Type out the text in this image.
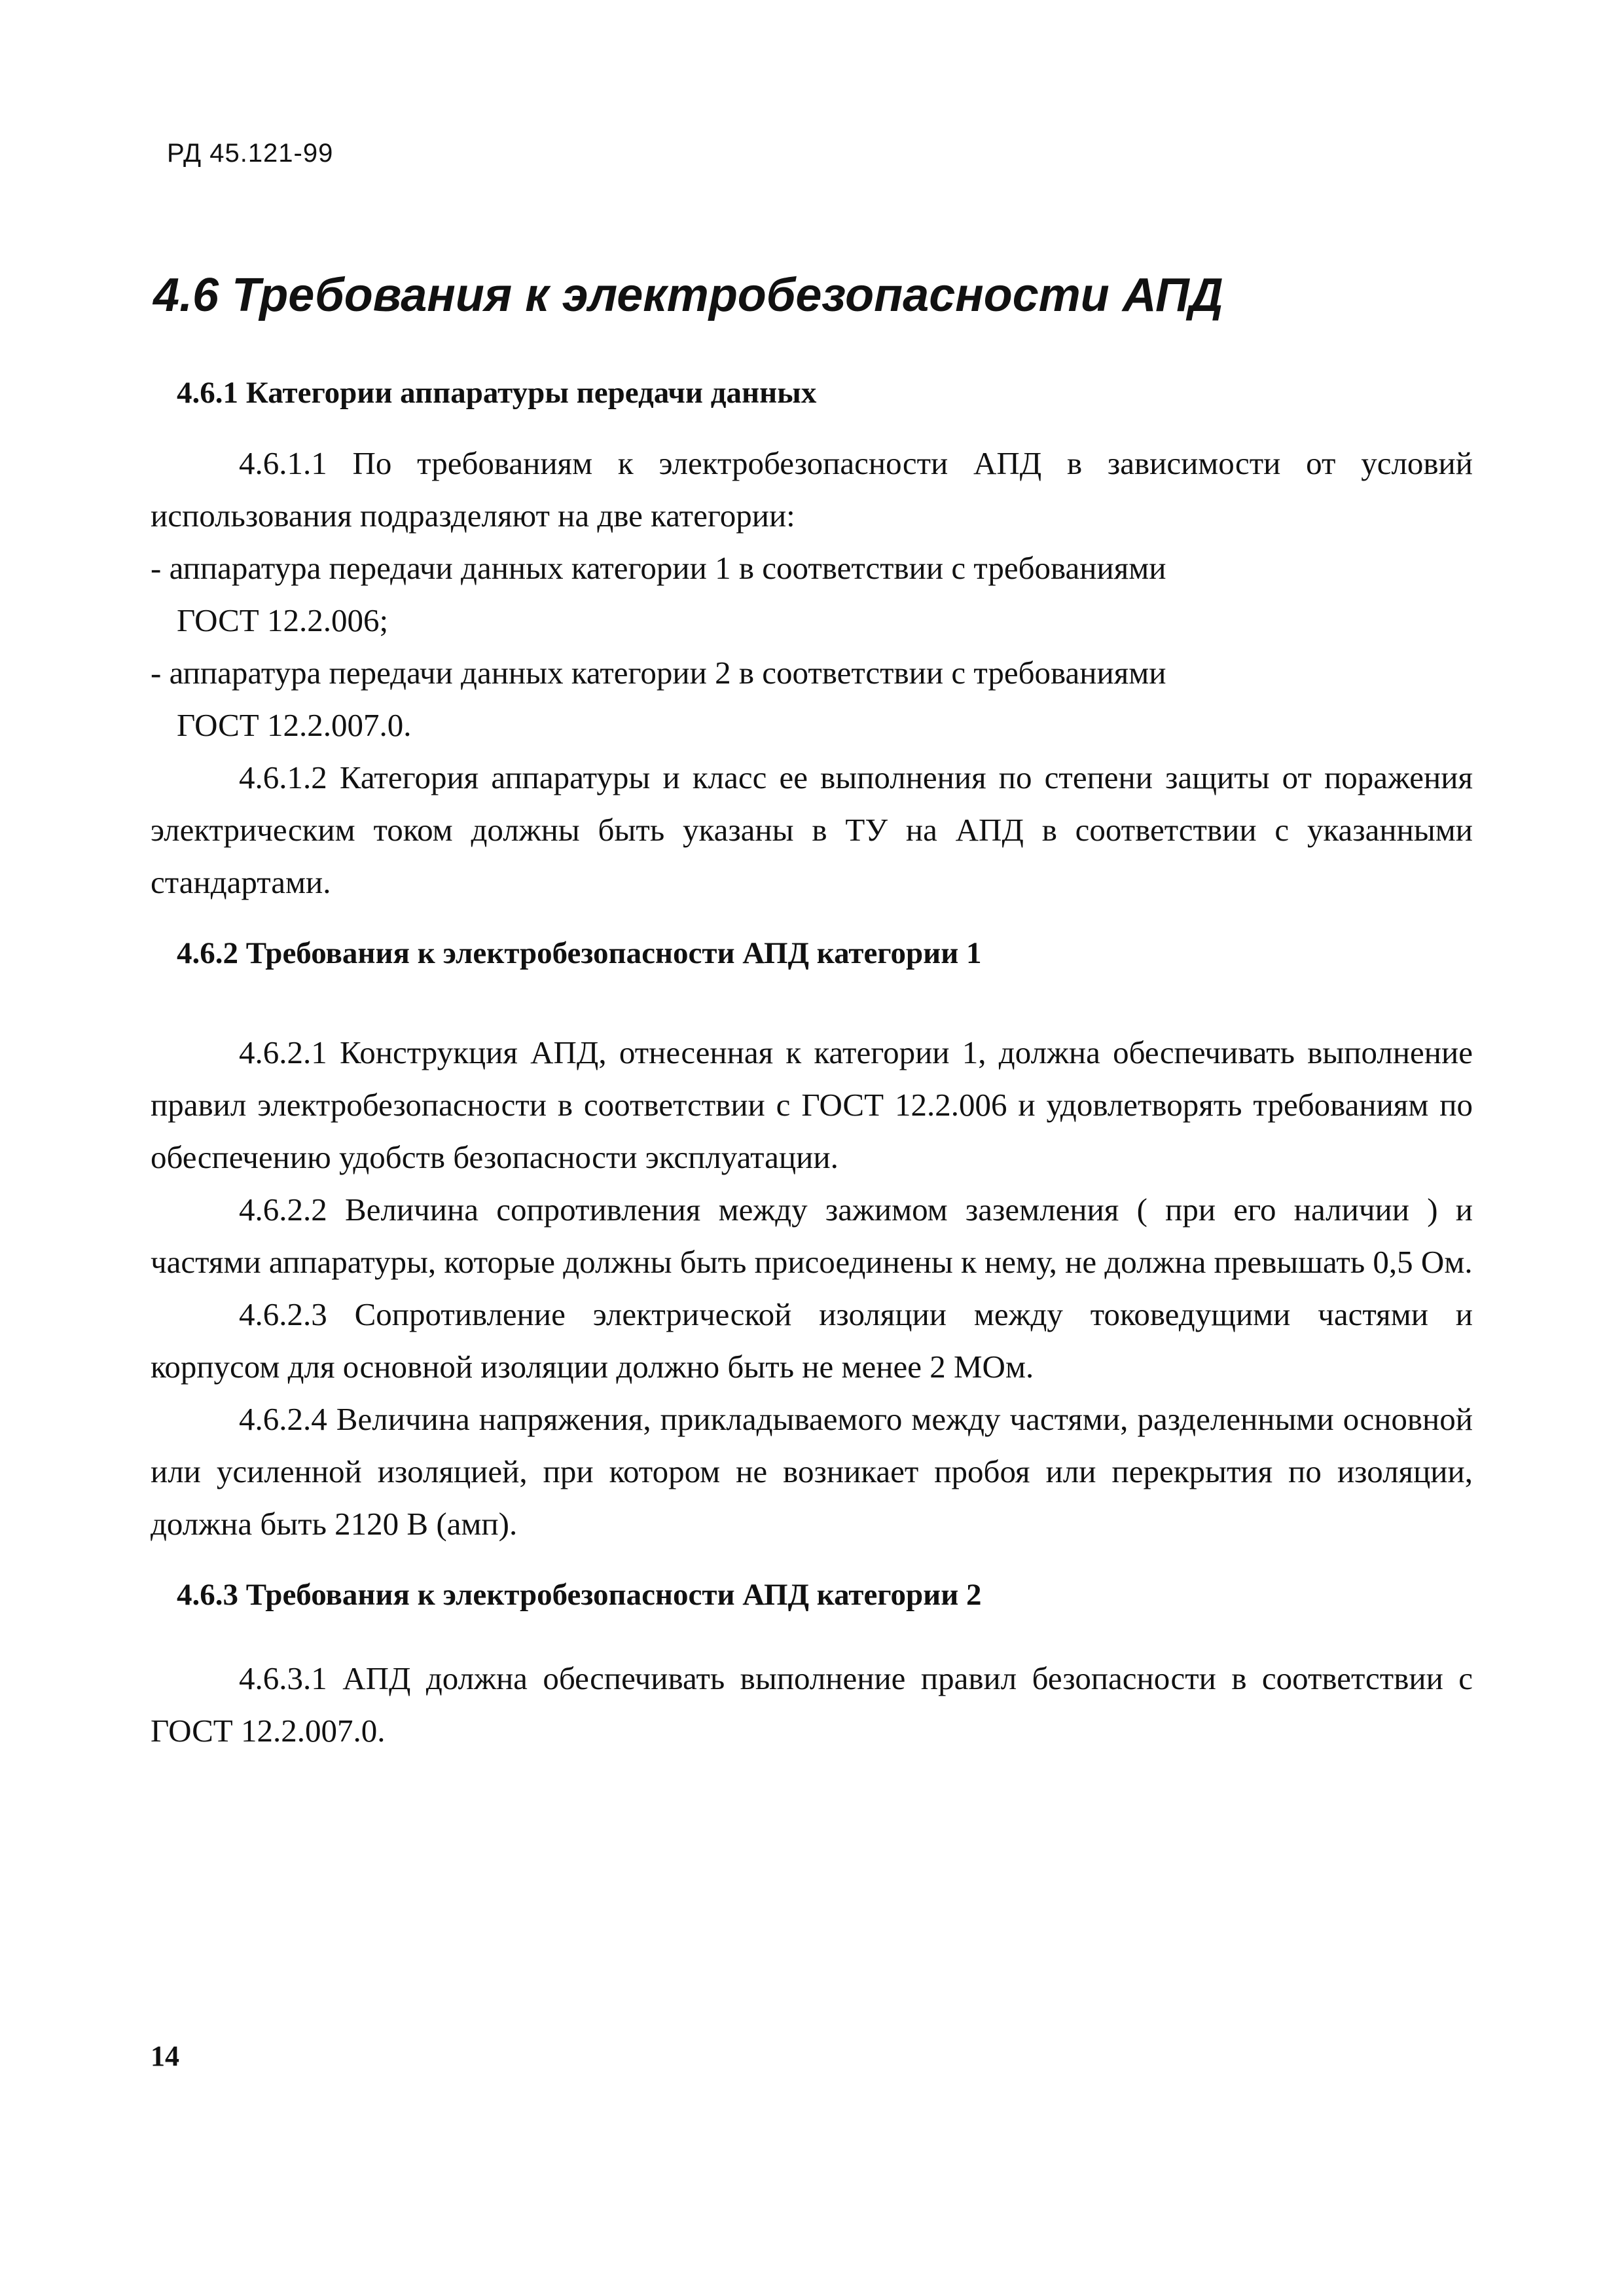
РД 45.121-99
4.6 Требования к электробезопасности АПД

4.6.1 Категории аппаратуры передачи данных

4.6.1.1 По требованиям к электробезопасности АПД в зависимости от условий использования подразделяют на две категории:

- аппаратура передачи данных категории 1 в соответствии с требованиями
ГОСТ 12.2.006;

- аппаратура передачи данных категории 2 в соответствии с требованиями
ГОСТ 12.2.007.0.

4.6.1.2 Категория аппаратуры и класс ее выполнения по степени защиты от поражения электрическим током должны быть указаны в ТУ на АПД в соответствии с указанными стандартами.

4.6.2 Требования к электробезопасности АПД категории 1

4.6.2.1 Конструкция АПД, отнесенная к категории 1, должна обеспечивать выполнение правил электробезопасности в соответствии с ГОСТ 12.2.006 и удовлетворять требованиям по обеспечению удобств безопасности эксплуатации.

4.6.2.2 Величина сопротивления между зажимом заземления ( при его наличии ) и частями аппаратуры, которые должны быть присоединены к нему, не должна превышать 0,5 Ом.

4.6.2.3 Сопротивление электрической изоляции между токоведущими частями и корпусом для основной изоляции должно быть не менее 2 МОм.

4.6.2.4 Величина напряжения, прикладываемого между частями, разделенными основной или усиленной изоляцией, при котором не возникает пробоя или перекрытия по изоляции, должна быть 2120 В (амп).

4.6.3 Требования к электробезопасности АПД категории 2

4.6.3.1 АПД должна обеспечивать выполнение правил безопасности в соответствии с ГОСТ 12.2.007.0.

14
